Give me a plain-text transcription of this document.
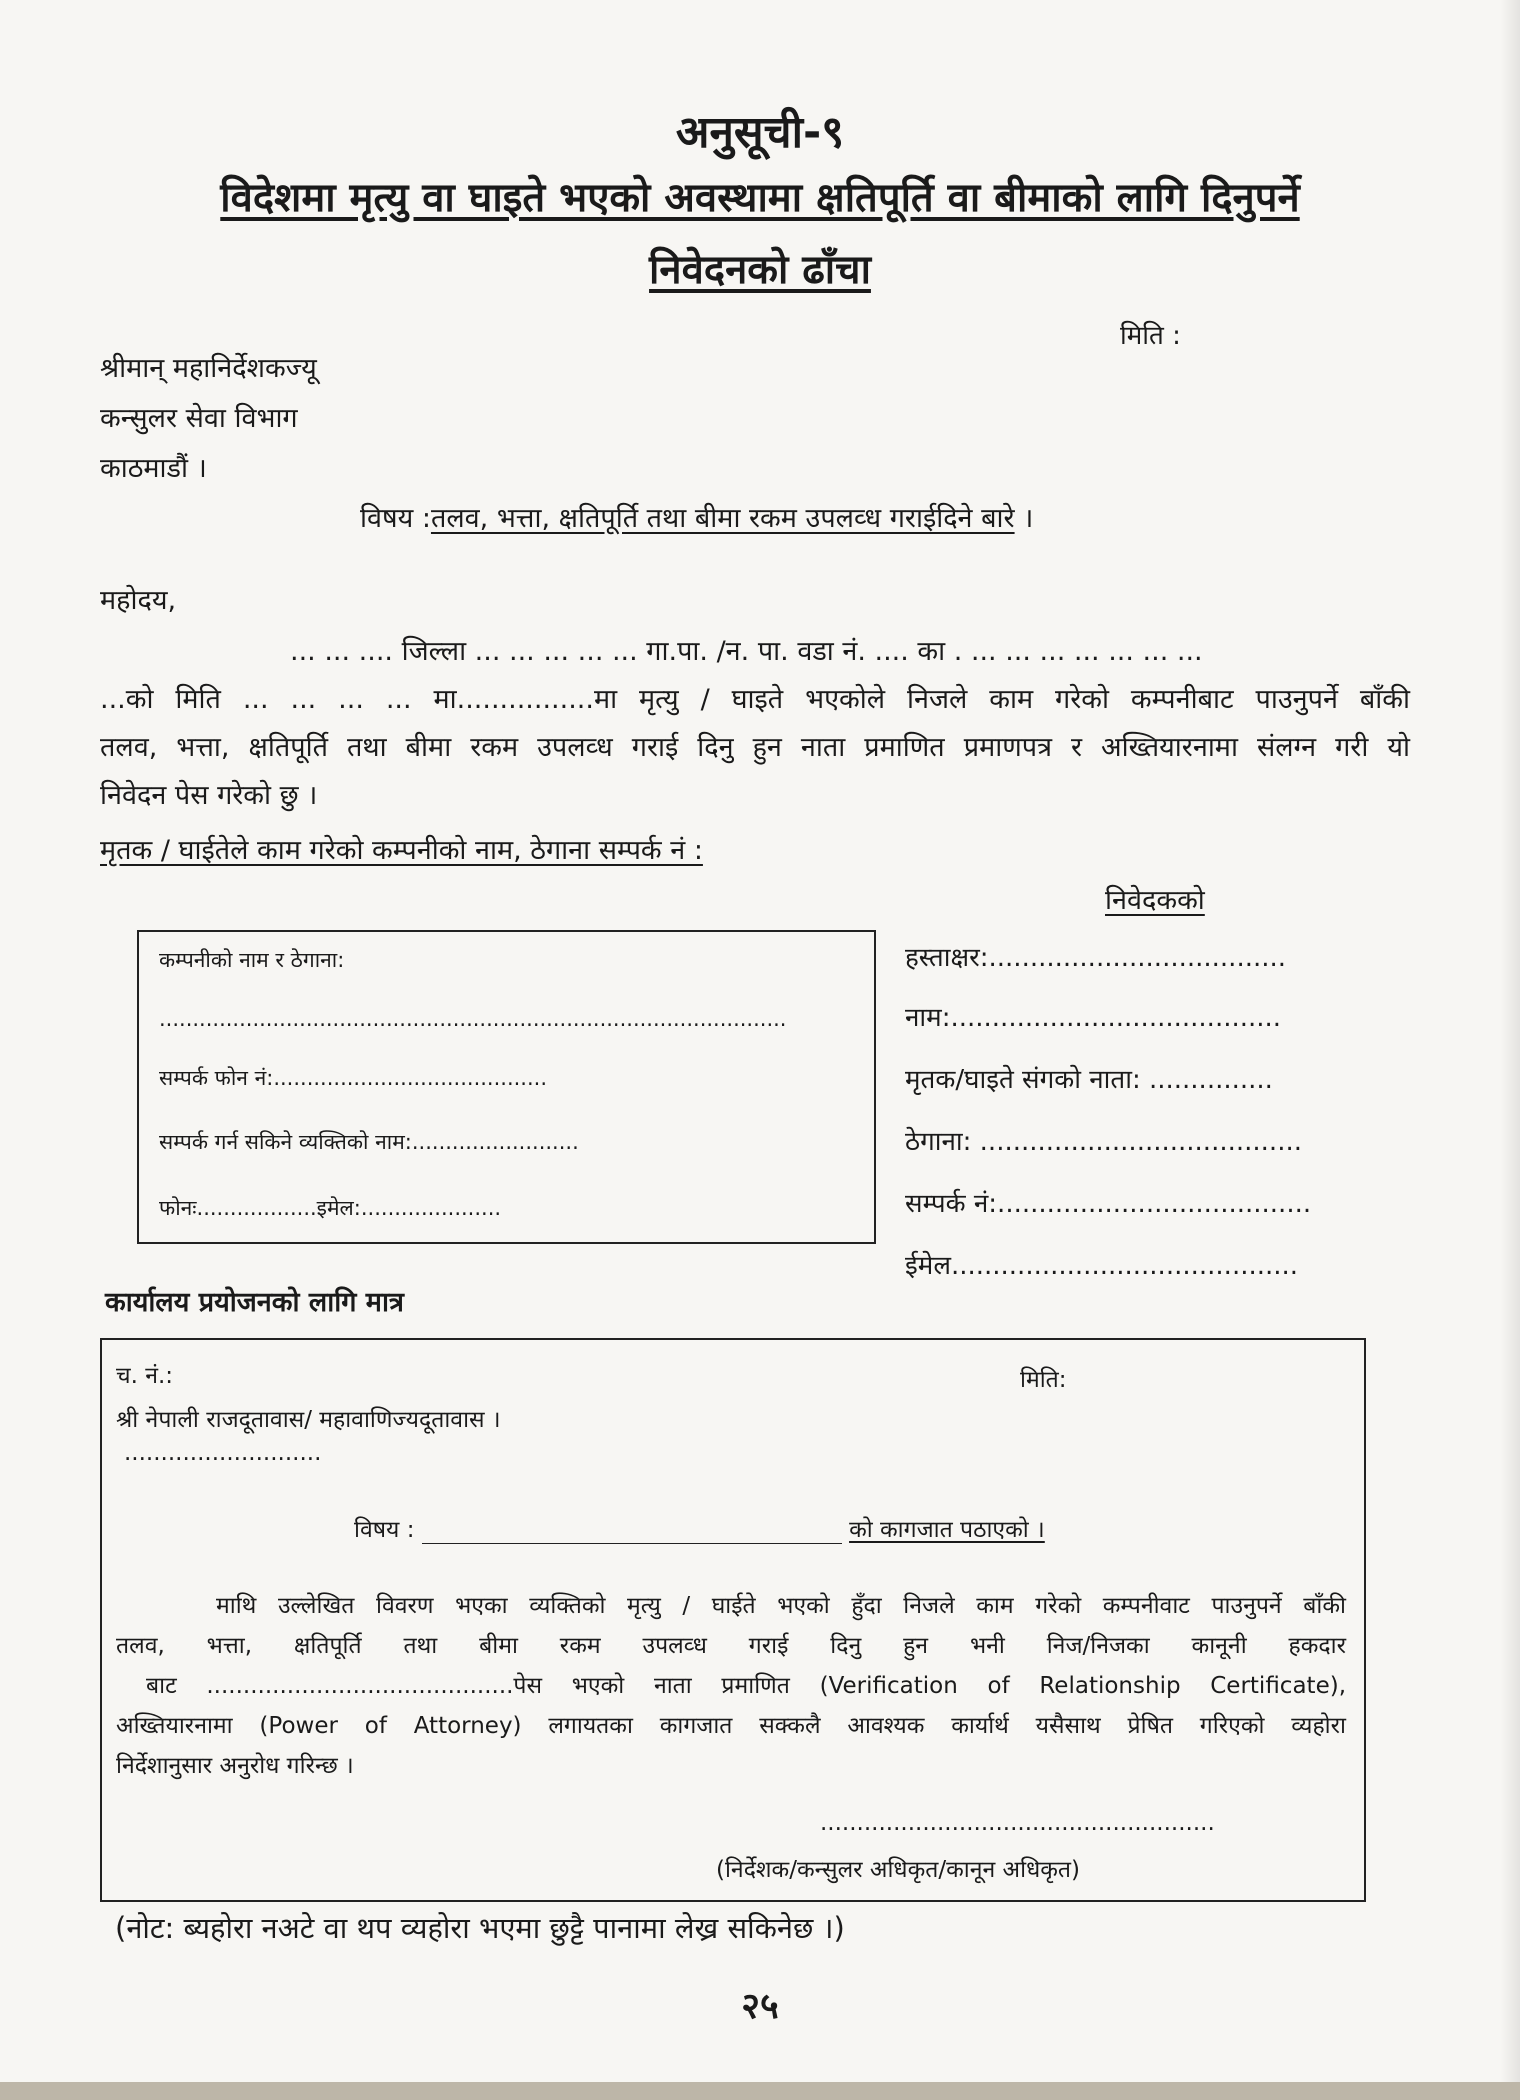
अनुसूची-९
विदेशमा मृत्यु वा घाइते भएको अवस्थामा क्षतिपूर्ति वा बीमाको लागि दिनुपर्ने
निवेदनको ढाँचा
मिति :
श्रीमान् महानिर्देशकज्यू
कन्सुलर सेवा विभाग
काठमाडौं ।
विषय :तलव, भत्ता, क्षतिपूर्ति तथा बीमा रकम उपलव्ध गराईदिने बारे ।
महोदय,
... ... .... जिल्ला ... ... ... ... ... गा.पा. /न. पा. वडा नं. .... का . ... ... ... ... ... ... ...
...को मिति ... ... ... ... मा................मा मृत्यु / घाइते भएकोले निजले काम गरेको कम्पनीबाट पाउनुपर्ने बाँकी
तलव, भत्ता, क्षतिपूर्ति तथा बीमा रकम उपलव्ध गराई दिनु हुन नाता प्रमाणित प्रमाणपत्र र अख्तियारनामा संलग्न गरी यो
निवेदन पेस गरेको छु ।
मृतक / घाईतेले काम गरेको कम्पनीको नाम, ठेगाना सम्पर्क नं :
निवेदकको
कम्पनीको नाम र ठेगाना:
..............................................................................................
सम्पर्क फोन नं:.........................................
सम्पर्क गर्न सकिने व्यक्तिको नाम:.........................
फोनः..................इमेल:.....................
हस्ताक्षर:....................................
नाम:........................................
मृतक/घाइते संगको नाता: ...............
ठेगाना: .......................................
सम्पर्क नं:......................................
ईमेल..........................................
कार्यालय प्रयोजनको लागि मात्र
च. नं.:	मिति:
श्री नेपाली राजदूतावास/ महावाणिज्यदूतावास ।
...........................
विषय :	को कागजात पठाएको ।
माथि उल्लेखित विवरण भएका व्यक्तिको मृत्यु / घाईते भएको हुँदा निजले काम गरेको कम्पनीवाट पाउनुपर्ने बाँकी
तलव, भत्ता, क्षतिपूर्ति तथा बीमा रकम उपलव्ध गराई दिनु हुन भनी निज/निजका कानूनी हकदार
बाट ..........................................पेस भएको नाता प्रमाणित (Verification of Relationship Certificate),
अख्तियारनामा (Power of Attorney) लगायतका कागजात सक्कलै आवश्यक कार्यार्थ यसैसाथ प्रेषित गरिएको व्यहोरा
निर्देशानुसार अनुरोध गरिन्छ ।
......................................................
(निर्देशक/कन्सुलर अधिकृत/कानून अधिकृत)
(नोट: ब्यहोरा नअटे वा थप व्यहोरा भएमा छुट्टै पानामा लेख्र सकिनेछ ।)
२५
